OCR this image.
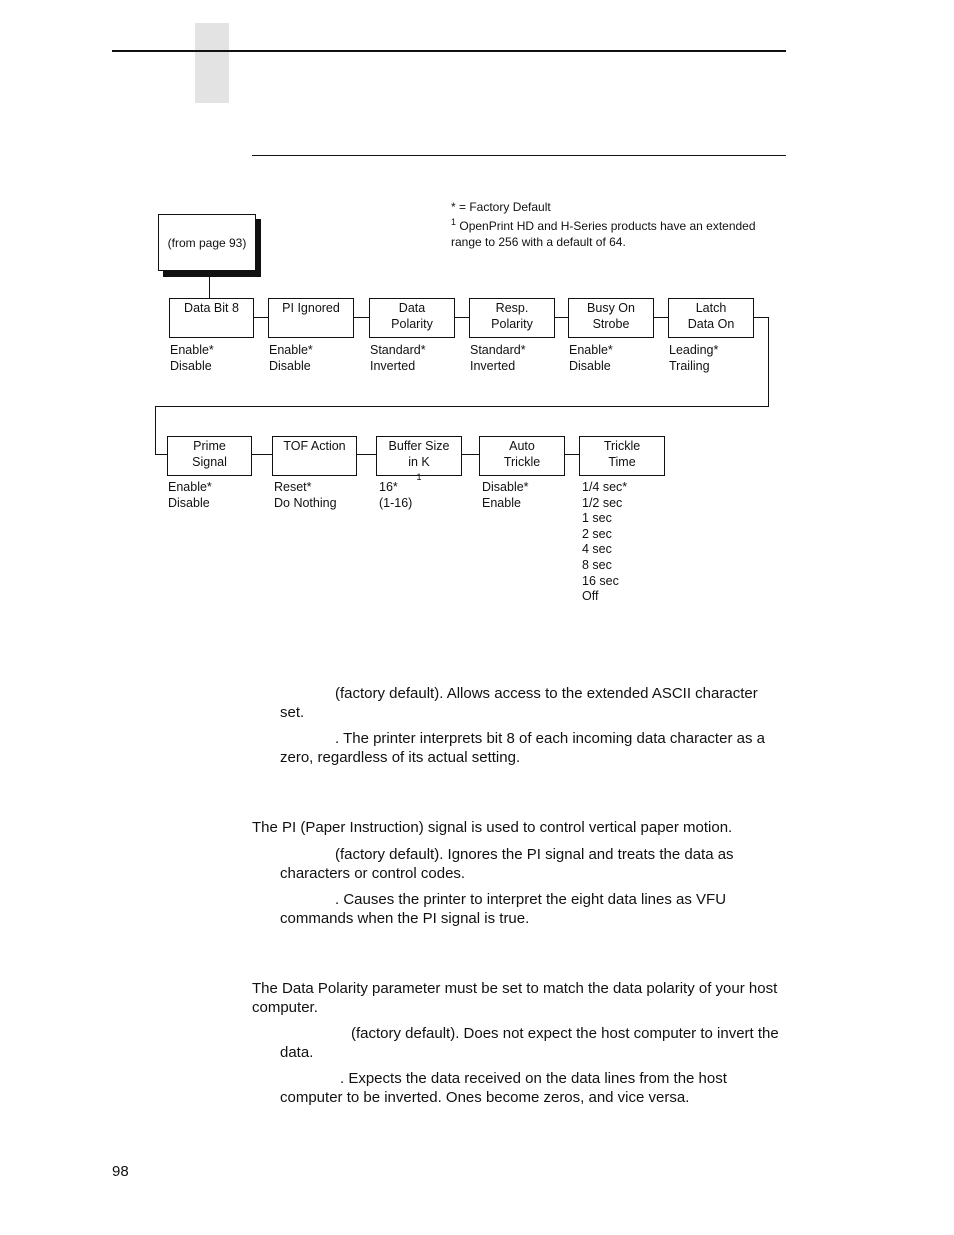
* = Factory Default
$^1$ OpenPrint HD and H-Series products have an extended
range to 256 with a default of 64.
(from page 93)
Data Bit 8	PI Ignored	Data
Polarity
Resp.
Polarity
Busy On
Strobe
Latch
Data On
Enable*
Disable
Enable*
Disable
Standard*
Inverted
Standard*
Inverted
Enable*
Disable
Leading*
Trailing
Prime
Signal
TOF Action	Buffer Size
in K
$^1$
Auto
Trickle
Trickle
Time
Enable*
Disable
Reset*
Do Nothing
16*
(1-16)
Disable*
Enable
1/4 sec*
1/2 sec
1 sec
2 sec
4 sec
8 sec
16 sec
Off
(factory default). Allows access to the extended ASCII character set.
. The printer interprets bit 8 of each incoming data character as a zero, regardless of its actual setting.
The PI (Paper Instruction) signal is used to control vertical paper motion.
(factory default). Ignores the PI signal and treats the data as characters or control codes.
. Causes the printer to interpret the eight data lines as VFU commands when the PI signal is true.
The Data Polarity parameter must be set to match the data polarity of your host computer.
(factory default). Does not expect the host computer to invert the data.
. Expects the data received on the data lines from the host computer to be inverted. Ones become zeros, and vice versa.
98
